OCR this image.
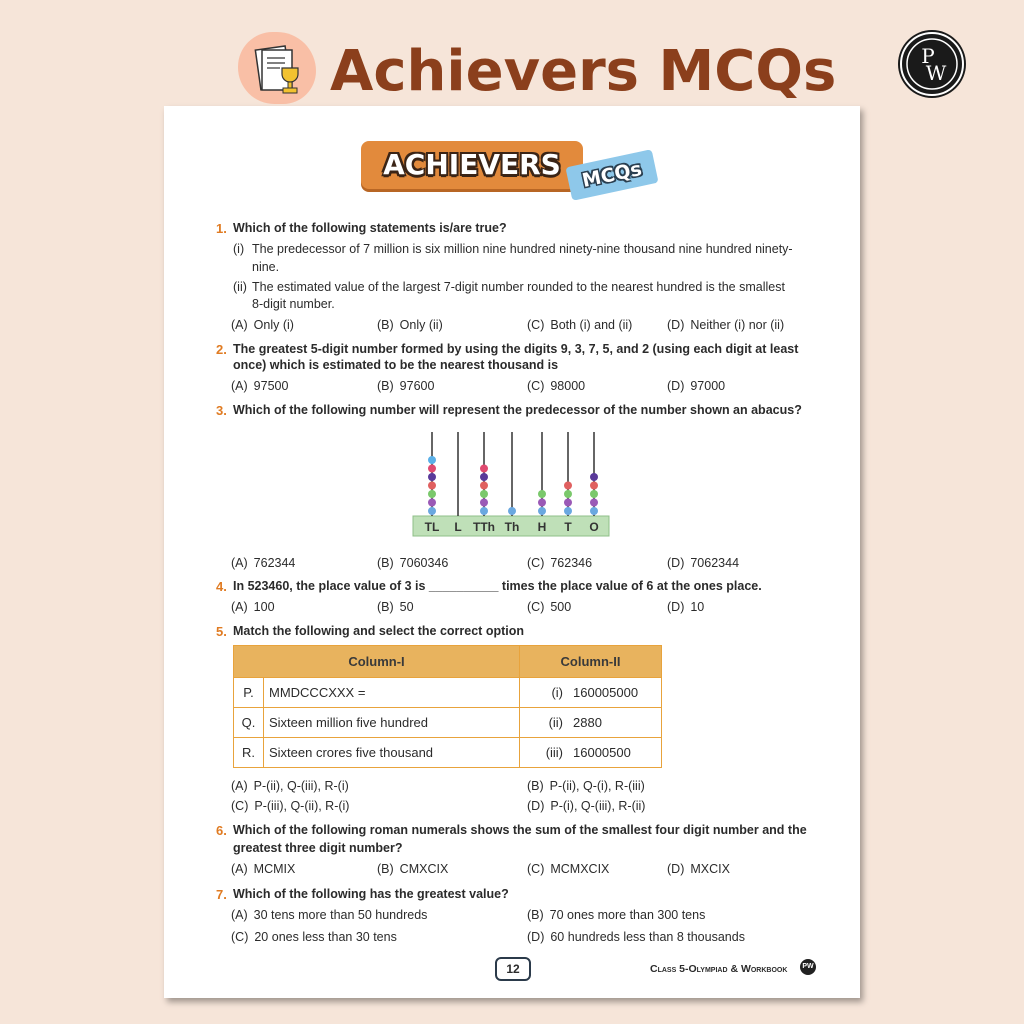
Achievers MCQs	P
W
ACHIEVERS	MCQs
1. Which of the following statements is/are true?
(i) The predecessor of 7 million is six million nine hundred ninety-nine thousand nine hundred ninety-
nine.
(ii) The estimated value of the largest 7-digit number rounded to the nearest hundred is the smallest
8-digit number.
(A) Only (i)	(B) Only (ii)	(C) Both (i) and (ii)	(D) Neither (i) nor (ii)
2. The greatest 5-digit number formed by using the digits 9, 3, 7, 5, and 2 (using each digit at least
once) which is estimated to be the nearest thousand is
(A) 97500	(B) 97600	(C) 98000	(D) 97000
3. Which of the following number will represent the predecessor of the number shown an abacus?
TL L TTh Th H T O
(A) 762344	(B) 7060346	(C) 762346	(D) 7062344
4. In 523460, the place value of 3 is __________ times the place value of 6 at the ones place.
(A) 100	(B) 50	(C) 500	(D) 10
5. Match the following and select the correct option
Column-I		Column-II	
P.	MMDCCCXXX =	(i)	160005000
Q.	Sixteen million five hundred	(ii)	2880
R.	Sixteen crores five thousand	(iii)	16000500
(A) P-(ii), Q-(iii), R-(i)	(B) P-(ii), Q-(i), R-(iii)
(C) P-(iii), Q-(ii), R-(i)	(D) P-(i), Q-(iii), R-(ii)
6. Which of the following roman numerals shows the sum of the smallest four digit number and the
greatest three digit number?
(A) MCMIX	(B) CMXCIX	(C) MCMXCIX	(D) MXCIX
7. Which of the following has the greatest value?
(A) 30 tens more than 50 hundreds	(B) 70 ones more than 300 tens
(C) 20 ones less than 30 tens	(D) 60 hundreds less than 8 thousands
12	Class 5-Olympiad & Workbook	PW
